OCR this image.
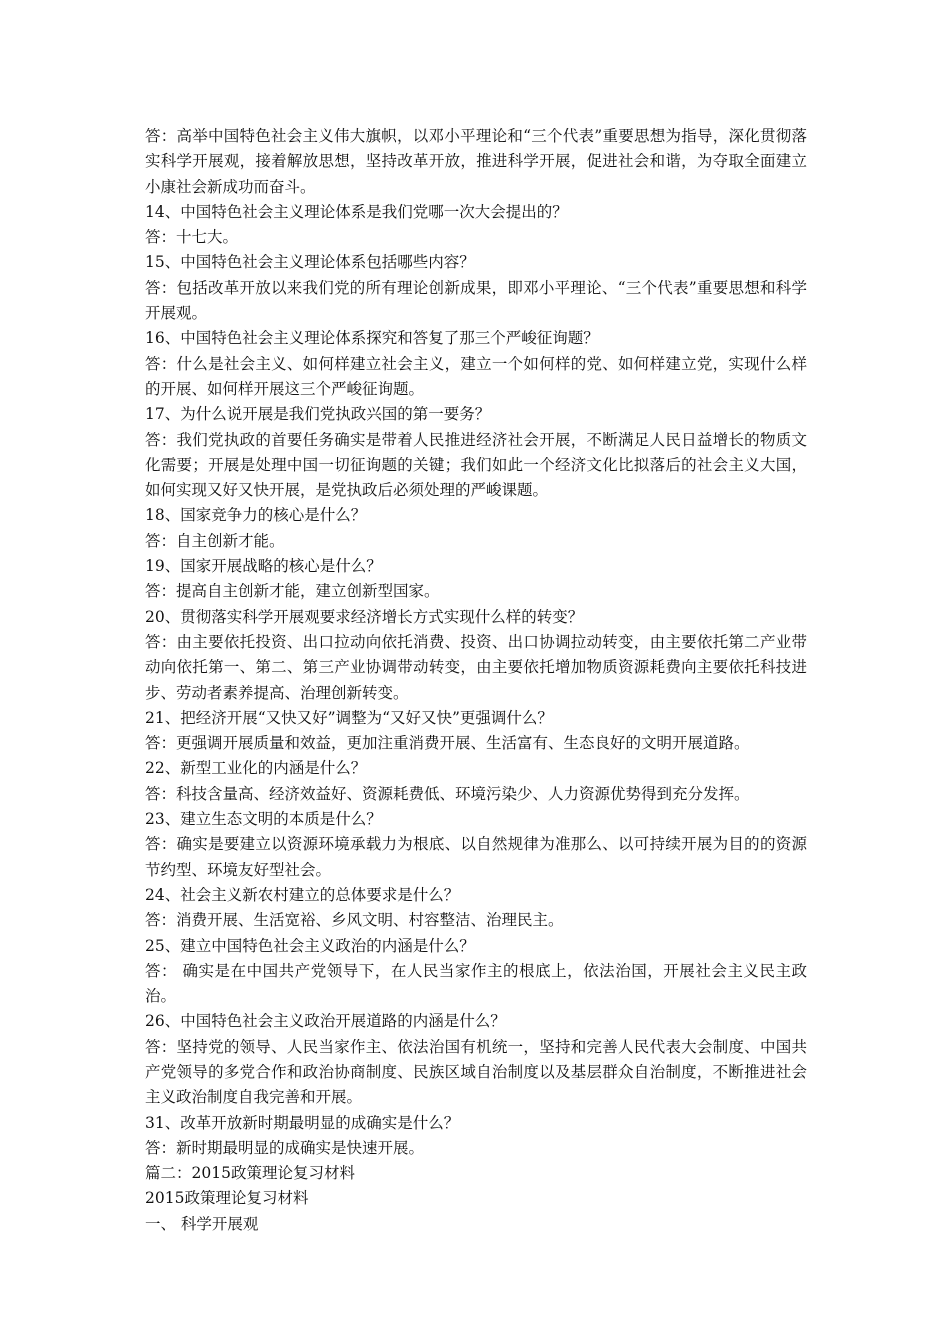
答：高举中国特色社会主义伟大旗帜，以邓小平理论和“三个代表”重要思想为指导，深化贯彻落实科学开展观，接着解放思想，坚持改革开放，推进科学开展，促进社会和谐，为夺取全面建立小康社会新成功而奋斗。

14、中国特色社会主义理论体系是我们党哪一次大会提出的？

答：十七大。

15、中国特色社会主义理论体系包括哪些内容？

答：包括改革开放以来我们党的所有理论创新成果，即邓小平理论、“三个代表”重要思想和科学开展观。

16、中国特色社会主义理论体系探究和答复了那三个严峻征询题？

答：什么是社会主义、如何样建立社会主义，建立一个如何样的党、如何样建立党，实现什么样的开展、如何样开展这三个严峻征询题。

17、为什么说开展是我们党执政兴国的第一要务？

答：我们党执政的首要任务确实是带着人民推进经济社会开展，不断满足人民日益增长的物质文化需要；开展是处理中国一切征询题的关键；我们如此一个经济文化比拟落后的社会主义大国，如何实现又好又快开展，是党执政后必须处理的严峻课题。

18、国家竞争力的核心是什么？

答：自主创新才能。

19、国家开展战略的核心是什么？

答：提高自主创新才能，建立创新型国家。

20、贯彻落实科学开展观要求经济增长方式实现什么样的转变？

答：由主要依托投资、出口拉动向依托消费、投资、出口协调拉动转变，由主要依托第二产业带动向依托第一、第二、第三产业协调带动转变，由主要依托增加物质资源耗费向主要依托科技进步、劳动者素养提高、治理创新转变。

21、把经济开展“又快又好”调整为“又好又快”更强调什么？

答：更强调开展质量和效益，更加注重消费开展、生活富有、生态良好的文明开展道路。

22、新型工业化的内涵是什么？

答：科技含量高、经济效益好、资源耗费低、环境污染少、人力资源优势得到充分发挥。

23、建立生态文明的本质是什么？

答：确实是要建立以资源环境承载力为根底、以自然规律为准那么、以可持续开展为目的的资源节约型、环境友好型社会。

24、社会主义新农村建立的总体要求是什么？

答：消费开展、生活宽裕、乡风文明、村容整洁、治理民主。

25、建立中国特色社会主义政治的内涵是什么？

答： 确实是在中国共产党领导下，在人民当家作主的根底上，依法治国，开展社会主义民主政治。

26、中国特色社会主义政治开展道路的内涵是什么？

答：坚持党的领导、人民当家作主、依法治国有机统一，坚持和完善人民代表大会制度、中国共产党领导的多党合作和政治协商制度、民族区域自治制度以及基层群众自治制度，不断推进社会主义政治制度自我完善和开展。

31、改革开放新时期最明显的成确实是什么？

答：新时期最明显的成确实是快速开展。

篇二：2015政策理论复习材料

2015政策理论复习材料

一、 科学开展观
